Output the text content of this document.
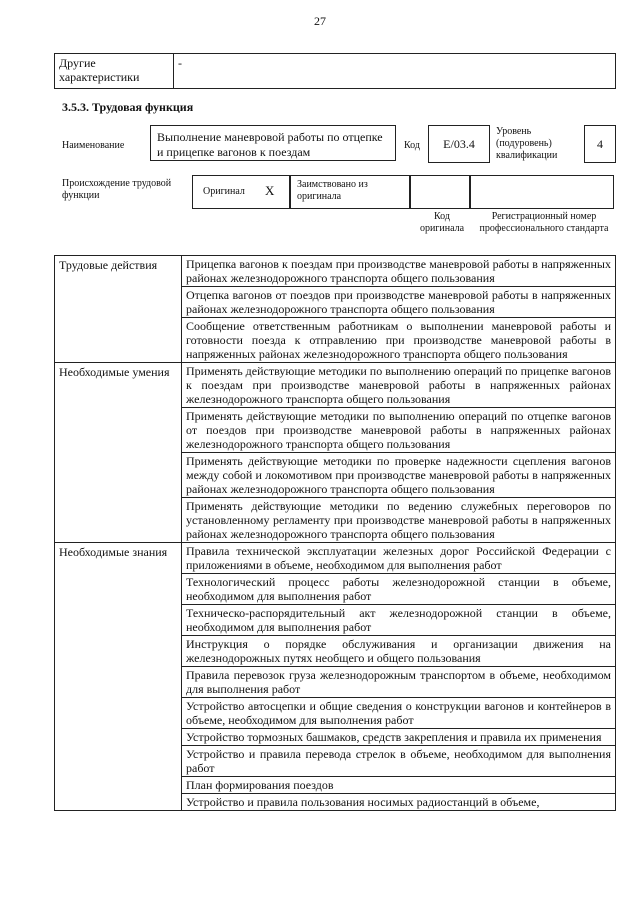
27
Другие характеристики	-
3.5.3. Трудовая функция
Наименование
Выполнение маневровой работы по отцепке и прицепке вагонов к поездам	Код	E/03.4
Уровень (подуровень) квалификации
4
Происхождение трудовой функции	Оригинал X	Заимствовано из оригинала
Код оригинала
Регистрационный номер профессионального стандарта
Трудовые действия	Прицепка вагонов к поездам при производстве маневровой работы в напряженных районах железнодорожного транспорта общего пользования
	Отцепка вагонов от поездов при производстве маневровой работы в напряженных районах железнодорожного транспорта общего пользования
	Сообщение ответственным работникам о выполнении маневровой работы и готовности поезда к отправлению при производстве маневровой работы в напряженных районах железнодорожного транспорта общего пользования
Необходимые умения	Применять действующие методики по выполнению операций по прицепке вагонов к поездам при производстве маневровой работы в напряженных районах железнодорожного транспорта общего пользования
	Применять действующие методики по выполнению операций по отцепке вагонов от поездов при производстве маневровой работы в напряженных районах железнодорожного транспорта общего пользования
	Применять действующие методики по проверке надежности сцепления вагонов между собой и локомотивом при производстве маневровой работы в напряженных районах железнодорожного транспорта общего пользования
	Применять действующие методики по ведению служебных переговоров по установленному регламенту при производстве маневровой работы в напряженных районах железнодорожного транспорта общего пользования
Необходимые знания	Правила технической эксплуатации железных дорог Российской Федерации с приложениями в объеме, необходимом для выполнения работ
	Технологический процесс работы железнодорожной станции в объеме, необходимом для выполнения работ
	Техническо-распорядительный акт железнодорожной станции в объеме, необходимом для выполнения работ
	Инструкция о порядке обслуживания и организации движения на железнодорожных путях необщего и общего пользования
	Правила перевозок груза железнодорожным транспортом в объеме, необходимом для выполнения работ
	Устройство автосцепки и общие сведения о конструкции вагонов и контейнеров в объеме, необходимом для выполнения работ
	Устройство тормозных башмаков, средств закрепления и правила их применения
	Устройство и правила перевода стрелок в объеме, необходимом для выполнения работ
	План формирования поездов
	Устройство и правила пользования носимых радиостанций в объеме,
